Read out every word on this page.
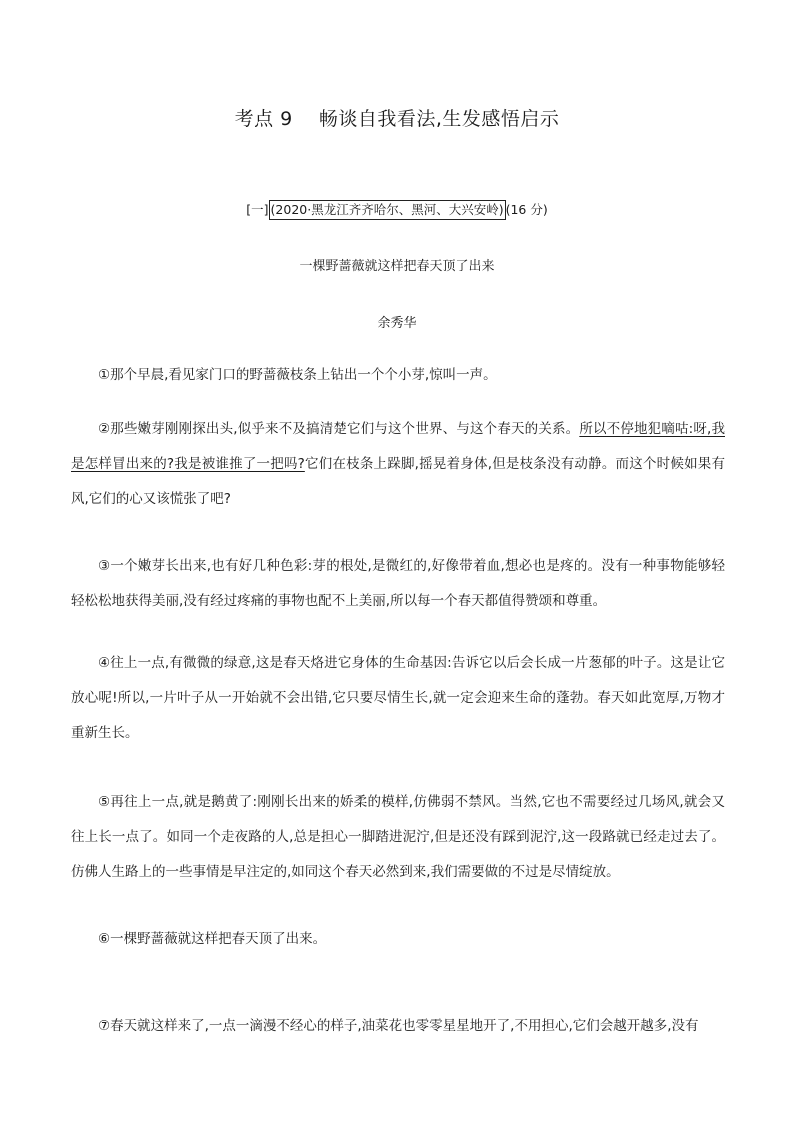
考点 9    畅谈自我看法,生发感悟启示
[一] (2020·黑龙江齐齐哈尔、黑河、大兴安岭) (16 分)
一棵野蔷薇就这样把春天顶了出来
余秀华

①那个早晨,看见家门口的野蔷薇枝条上钻出一个个小芽,惊叫一声。

②那些嫩芽刚刚探出头,似乎来不及搞清楚它们与这个世界、与这个春天的关系。所以不停地犯嘀咕:呀,我是怎样冒出来的?我是被谁推了一把吗?它们在枝条上跺脚,摇晃着身体,但是枝条没有动静。而这个时候如果有风,它们的心又该慌张了吧?

③一个嫩芽长出来,也有好几种色彩:芽的根处,是微红的,好像带着血,想必也是疼的。没有一种事物能够轻轻松松地获得美丽,没有经过疼痛的事物也配不上美丽,所以每一个春天都值得赞颂和尊重。

④往上一点,有微微的绿意,这是春天烙进它身体的生命基因:告诉它以后会长成一片葱郁的叶子。这是让它放心呢!所以,一片叶子从一开始就不会出错,它只要尽情生长,就一定会迎来生命的蓬勃。春天如此宽厚,万物才重新生长。

⑤再往上一点,就是鹅黄了:刚刚长出来的娇柔的模样,仿佛弱不禁风。当然,它也不需要经过几场风,就会又往上长一点了。如同一个走夜路的人,总是担心一脚踏进泥泞,但是还没有踩到泥泞,这一段路就已经走过去了。仿佛人生路上的一些事情是早注定的,如同这个春天必然到来,我们需要做的不过是尽情绽放。

⑥一棵野蔷薇就这样把春天顶了出来。

⑦春天就这样来了,一点一滴漫不经心的样子,油菜花也零零星星地开了,不用担心,它们会越开越多,没有
